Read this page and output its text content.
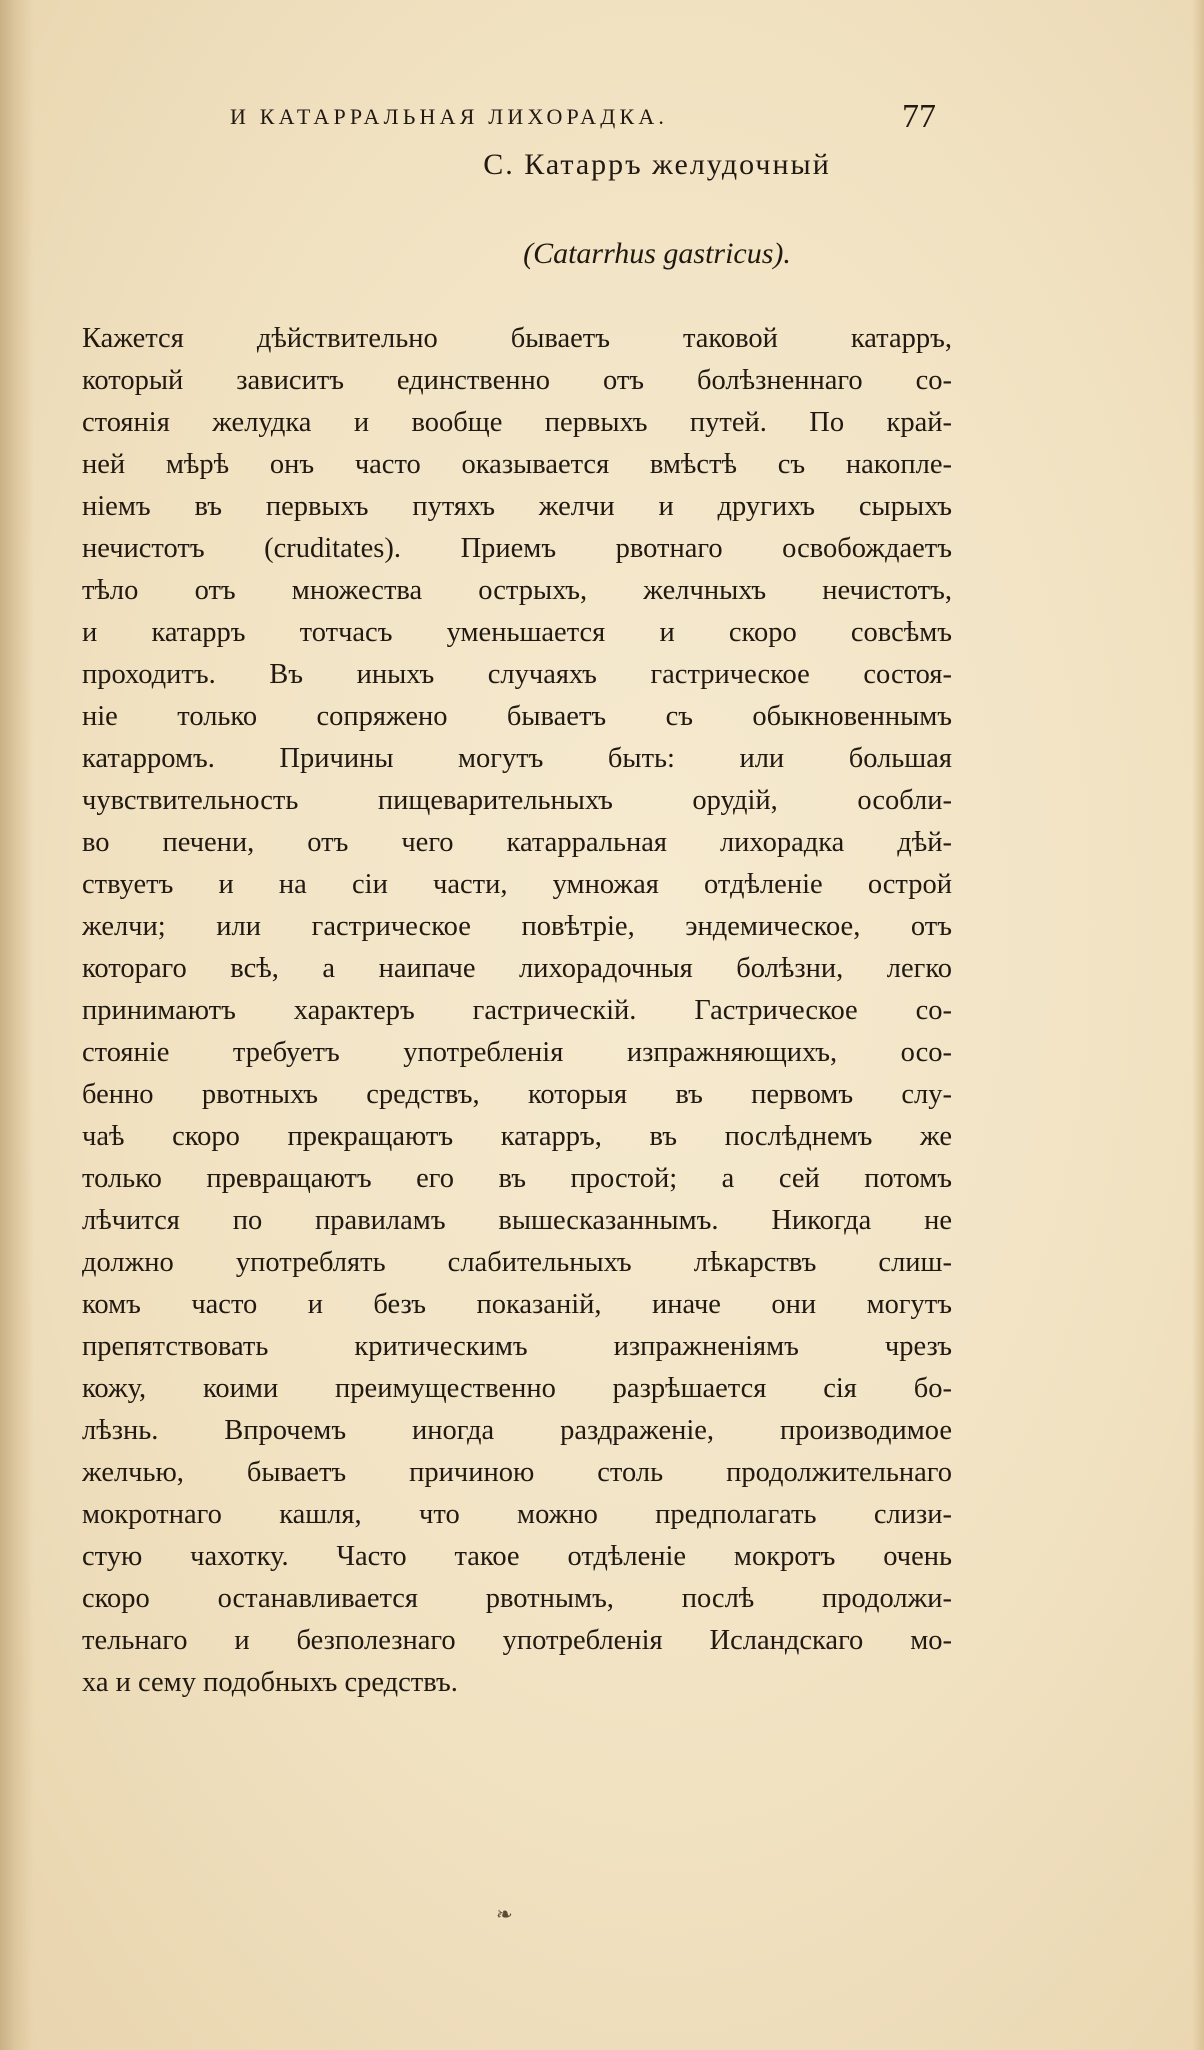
И КАТАРРАЛЬНАЯ ЛИХОРАДКА.	77
С. Катарръ желудочный
(Catarrhus gastricus).
Кажется дѣйствительно бываетъ таковой катарръ,
который зависитъ единственно отъ болѣзненнаго со-
стоянія желудка и вообще первыхъ путей. По край-
ней мѣрѣ онъ часто оказывается вмѣстѣ съ накопле-
ніемъ въ первыхъ путяхъ желчи и другихъ сырыхъ
нечистотъ (cruditates). Приемъ рвотнаго освобождаетъ
тѣло отъ множества острыхъ, желчныхъ нечистотъ,
и катарръ тотчасъ уменьшается и скоро совсѣмъ
проходитъ. Въ иныхъ случаяхъ гастрическое состоя-
ніе только сопряжено бываетъ съ обыкновеннымъ
катарромъ. Причины могутъ быть: или большая
чувствительность пищеварительныхъ орудій, особли-
во печени, отъ чего катарральная лихорадка дѣй-
ствуетъ и на сіи части, умножая отдѣленіе острой
желчи; или гастрическое повѣтріе, эндемическое, отъ
котораго всѣ, а наипаче лихорадочныя болѣзни, легко
принимаютъ характеръ гастрическій. Гастрическое со-
стояніе требуетъ употребленія изпражняющихъ, осо-
бенно рвотныхъ средствъ, которыя въ первомъ слу-
чаѣ скоро прекращаютъ катарръ, въ послѣднемъ же
только превращаютъ его въ простой; а сей потомъ
лѣчится по правиламъ вышесказаннымъ. Никогда не
должно употреблять слабительныхъ лѣкарствъ слиш-
комъ часто и безъ показаній, иначе они могутъ
препятствовать критическимъ изпражненіямъ чрезъ
кожу, коими преимущественно разрѣшается сія бо-
лѣзнь. Впрочемъ иногда раздраженіе, производимое
желчью, бываетъ причиною столь продолжительнаго
мокротнаго кашля, что можно предполагать слизи-
стую чахотку. Часто такое отдѣленіе мокротъ очень
скоро останавливается рвотнымъ, послѣ продолжи-
тельнаго и безполезнаго употребленія Исландскаго мо-
ха и сему подобныхъ средствъ.
❧
